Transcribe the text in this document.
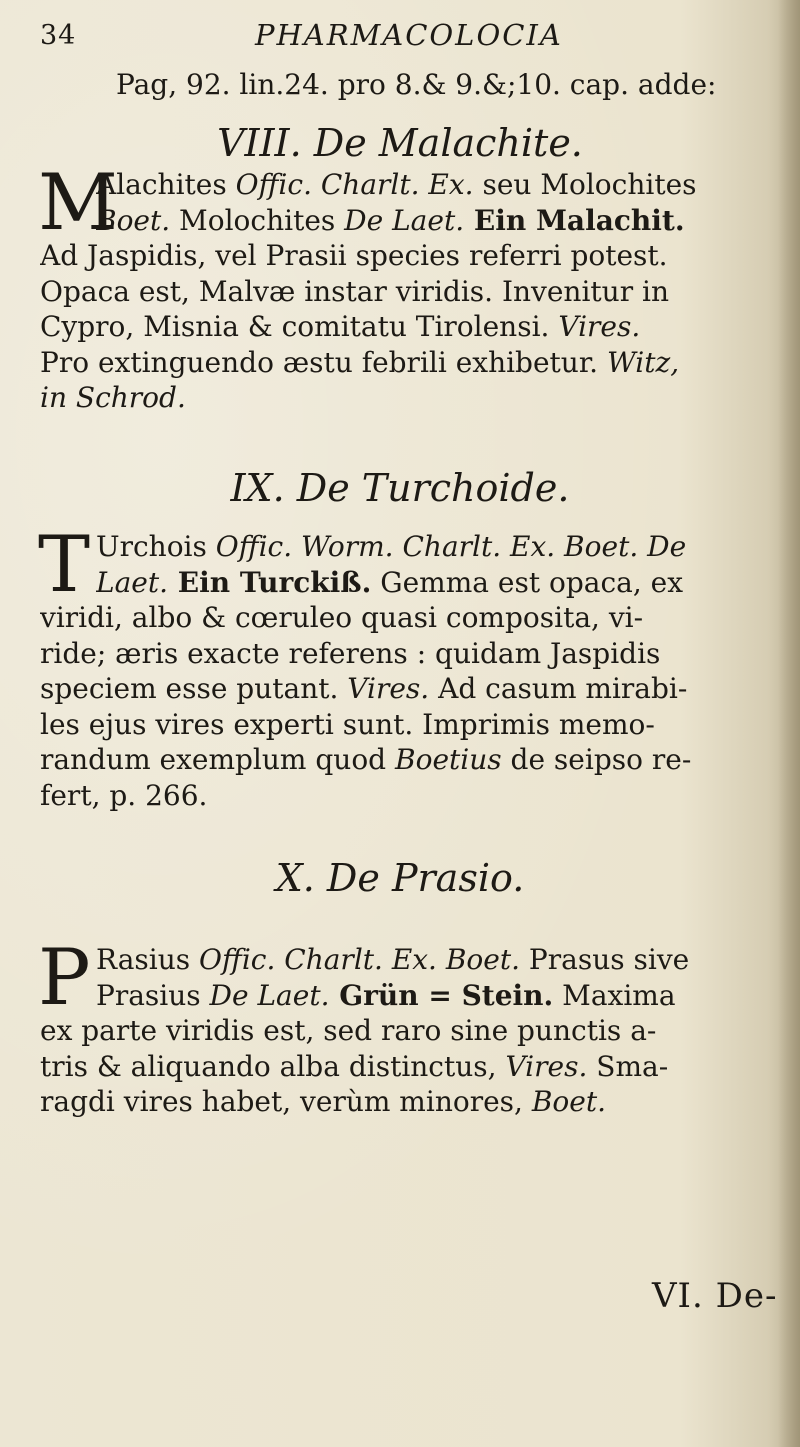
34	PHARMACOLOCIA
Pag, 92. lin.24. pro 8.& 9.&;10. cap. adde:
VIII. De Malachite.
M
Alachites Offic. Charlt. Ex. seu Molochites
Boet. Molochites De Laet. Ein Malachit.
Ad Jaspidis, vel Prasii species referri potest.
Opaca est, Malvæ instar viridis. Invenitur in
Cypro, Misnia & comitatu Tirolensi. Vires.
Pro extinguendo æstu febrili exhibetur. Witz,
in Schrod.
IX. De Turchoide.
T Urchois Offic. Worm. Charlt. Ex. Boet. De
Laet. Ein Turckiß. Gemma est opaca, ex
viridi, albo & cœruleo quasi composita, vi-
ride; æris exacte referens : quidam Jaspidis
speciem esse putant. Vires. Ad casum mirabi-
les ejus vires experti sunt. Imprimis memo-
randum exemplum quod Boetius de seipso re-
fert, p. 266.
X. De Prasio.
P Rasius Offic. Charlt. Ex. Boet. Prasus sive
Prasius De Laet. Grün = Stein. Maxima
ex parte viridis est, sed raro sine punctis a-
tris & aliquando alba distinctus, Vires. Sma-
ragdi vires habet, verùm minores, Boet.
VI. De-
